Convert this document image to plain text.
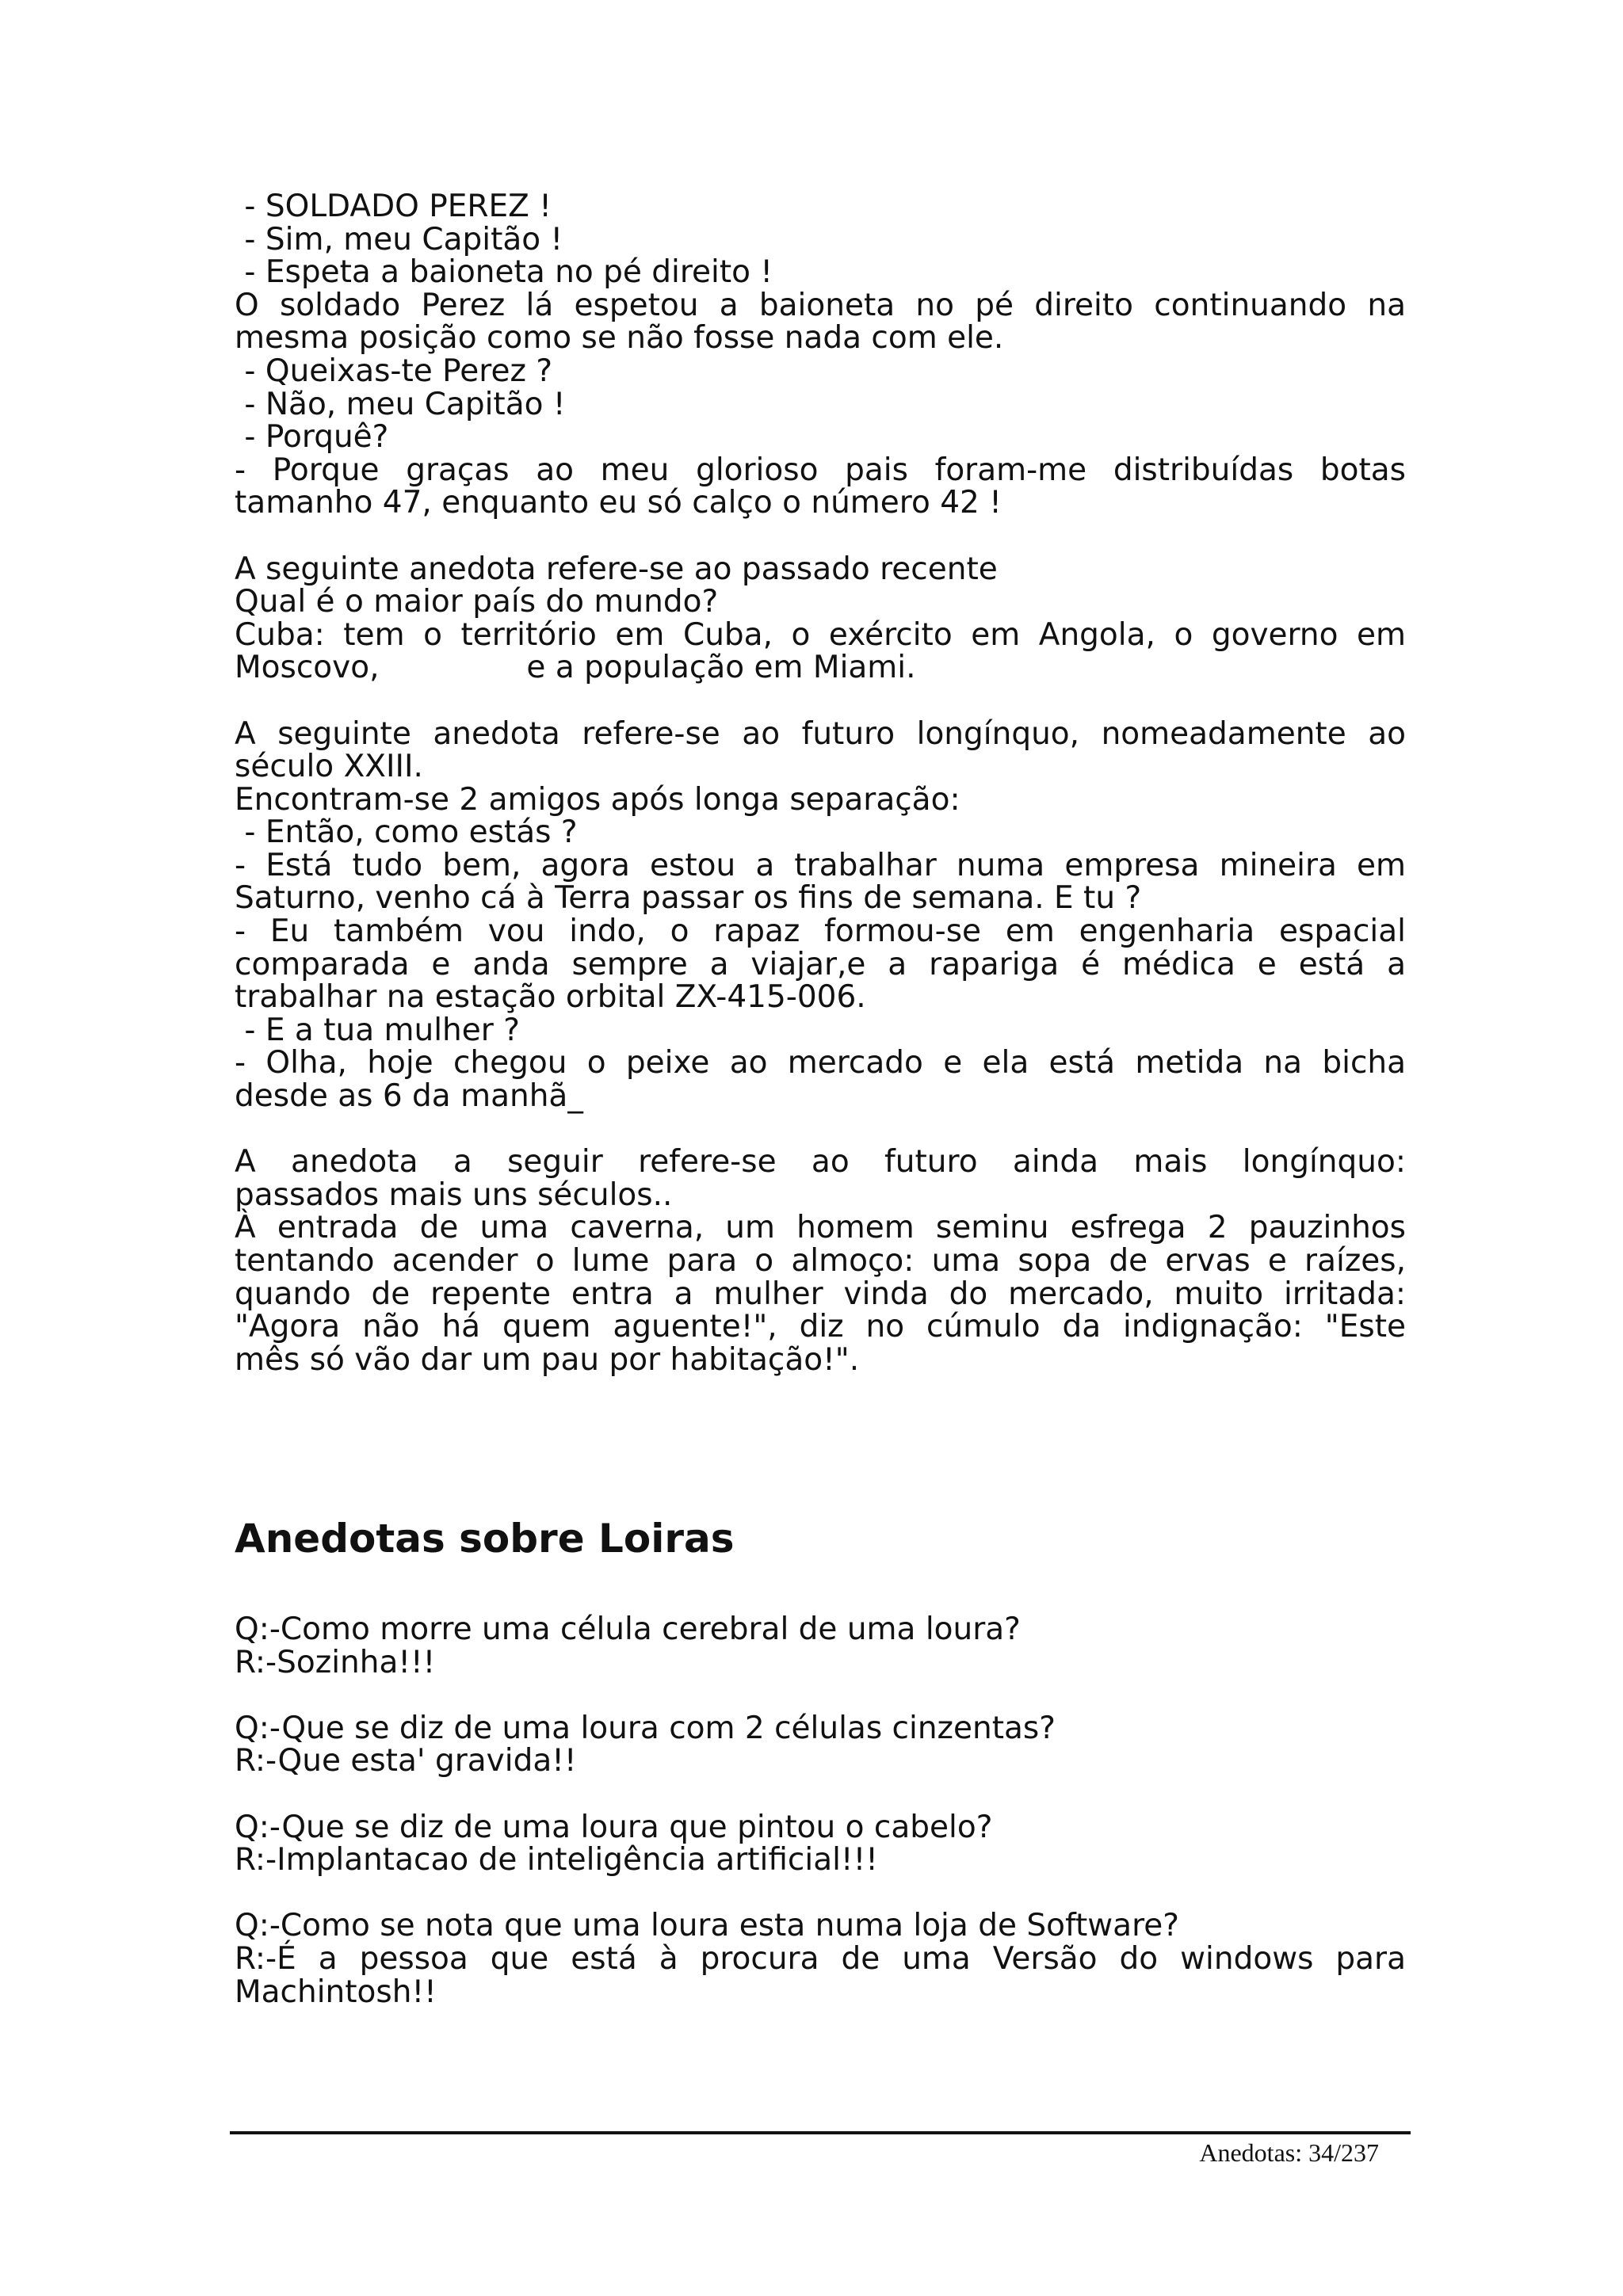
- SOLDADO PEREZ !

- Sim, meu Capitão !

- Espeta a baioneta no pé direito !

O soldado Perez lá espetou a baioneta no pé direito continuando na

mesma posição como se não fosse nada com ele.

- Queixas-te Perez ?

- Não, meu Capitão !

- Porquê?

- Porque graças ao meu glorioso pais foram-me distribuídas botas

tamanho 47, enquanto eu só calço o número 42 !

A seguinte anedota refere-se ao passado recente

Qual é o maior país do mundo?

Cuba: tem o território em Cuba, o exército em Angola, o governo em

Moscovo,               e a população em Miami.

A seguinte anedota refere-se ao futuro longínquo, nomeadamente ao

século XXIII.

Encontram-se 2 amigos após longa separação:

- Então, como estás ?

- Está tudo bem, agora estou a trabalhar numa empresa mineira em

Saturno, venho cá à Terra passar os fins de semana. E tu ?

- Eu também vou indo, o rapaz formou-se em engenharia espacial

comparada e anda sempre a viajar,e a rapariga é médica e está a

trabalhar na estação orbital ZX-415-006.

- E a tua mulher ?

- Olha, hoje chegou o peixe ao mercado e ela está metida na bicha

desde as 6 da manhã_

A anedota a seguir refere-se ao futuro ainda mais longínquo:

passados mais uns séculos..

À entrada de uma caverna, um homem seminu esfrega 2 pauzinhos

tentando acender o lume para o almoço: uma sopa de ervas e raízes,

quando de repente entra a mulher vinda do mercado, muito irritada:

"Agora não há quem aguente!", diz no cúmulo da indignação: "Este

mês só vão dar um pau por habitação!".

Anedotas sobre Loiras

Q:-Como morre uma célula cerebral de uma loura?

R:-Sozinha!!!

Q:-Que se diz de uma loura com 2 células cinzentas?

R:-Que esta' gravida!!

Q:-Que se diz de uma loura que pintou o cabelo?

R:-Implantacao de inteligência artificial!!!

Q:-Como se nota que uma loura esta numa loja de Software?

R:-É a pessoa que está à procura de uma Versão do windows para

Machintosh!!

Anedotas: 34/237
